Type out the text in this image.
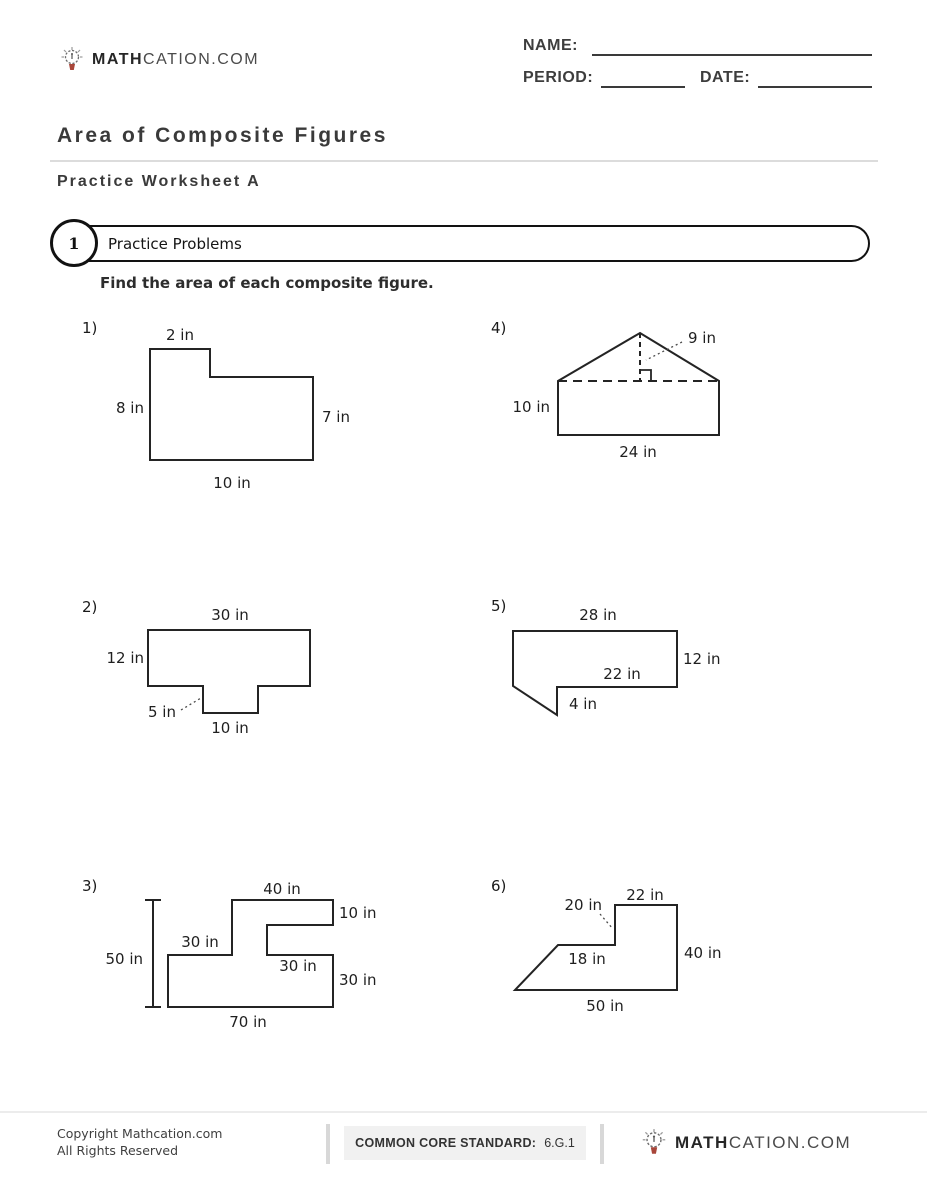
MATHCATION.COM
NAME:
PERIOD:	DATE:
Area of Composite Figures
Practice Worksheet A
1 Practice Problems
Find the area of each composite figure.
1)	4)
2)	5)
3)	6)
2 in
8 in	7 in
10 in
9 in
10 in
24 in
30 in
12 in
5 in
10 in
28 in
12 in
22 in
4 in
40 in
10 in
30 in
30 in
30 in
70 in
50 in
22 in
20 in
40 in
18 in
50 in
Copyright Mathcation.com
All Rights Reserved	COMMON CORE STANDARD: 6.G.1	MATHCATION.COM
